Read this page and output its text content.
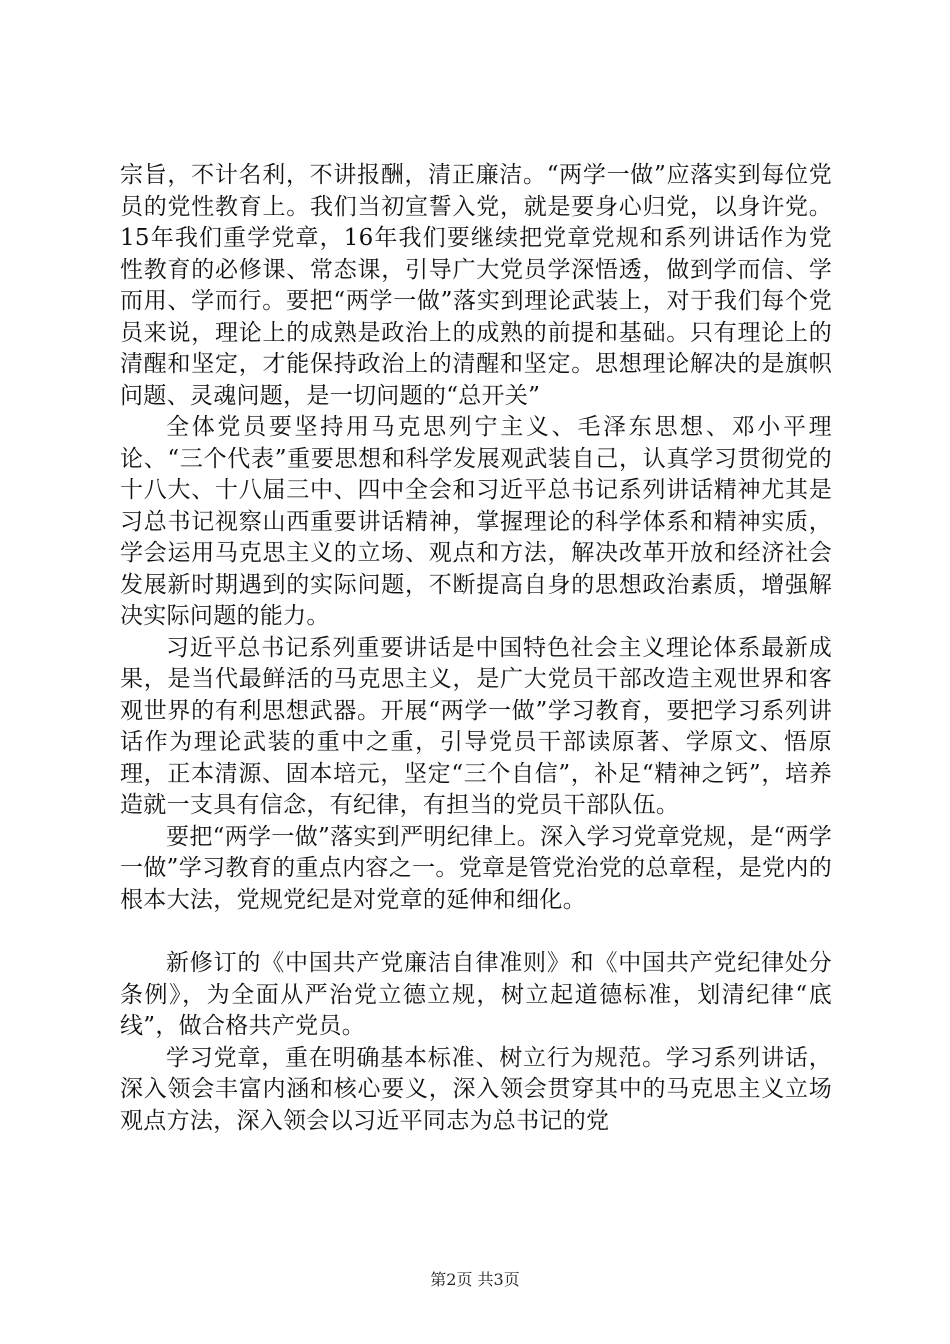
宗旨，不计名利，不讲报酬，清正廉洁。“两学一做”应落实到每位党员的党性教育上。我们当初宣誓入党，就是要身心归党，以身许党。15年我们重学党章，16年我们要继续把党章党规和系列讲话作为党性教育的必修课、常态课，引导广大党员学深悟透，做到学而信、学而用、学而行。要把“两学一做”落实到理论武装上，对于我们每个党员来说，理论上的成熟是政治上的成熟的前提和基础。只有理论上的清醒和坚定，才能保持政治上的清醒和坚定。思想理论解决的是旗帜问题、灵魂问题，是一切问题的“总开关”

全体党员要坚持用马克思列宁主义、毛泽东思想、邓小平理论、“三个代表”重要思想和科学发展观武装自己，认真学习贯彻党的十八大、十八届三中、四中全会和习近平总书记系列讲话精神尤其是习总书记视察山西重要讲话精神，掌握理论的科学体系和精神实质，学会运用马克思主义的立场、观点和方法，解决改革开放和经济社会发展新时期遇到的实际问题，不断提高自身的思想政治素质，增强解决实际问题的能力。

习近平总书记系列重要讲话是中国特色社会主义理论体系最新成果，是当代最鲜活的马克思主义，是广大党员干部改造主观世界和客观世界的有利思想武器。开展“两学一做”学习教育，要把学习系列讲话作为理论武装的重中之重，引导党员干部读原著、学原文、悟原理，正本清源、固本培元，坚定“三个自信”，补足“精神之钙”，培养造就一支具有信念，有纪律，有担当的党员干部队伍。

要把“两学一做”落实到严明纪律上。深入学习党章党规，是“两学一做”学习教育的重点内容之一。党章是管党治党的总章程，是党内的根本大法，党规党纪是对党章的延伸和细化。

新修订的《中国共产党廉洁自律准则》和《中国共产党纪律处分条例》，为全面从严治党立德立规，树立起道德标准，划清纪律“底线”，做合格共产党员。

学习党章，重在明确基本标准、树立行为规范。学习系列讲话，深入领会丰富内涵和核心要义，深入领会贯穿其中的马克思主义立场观点方法，深入领会以习近平同志为总书记的党

第2页 共3页
